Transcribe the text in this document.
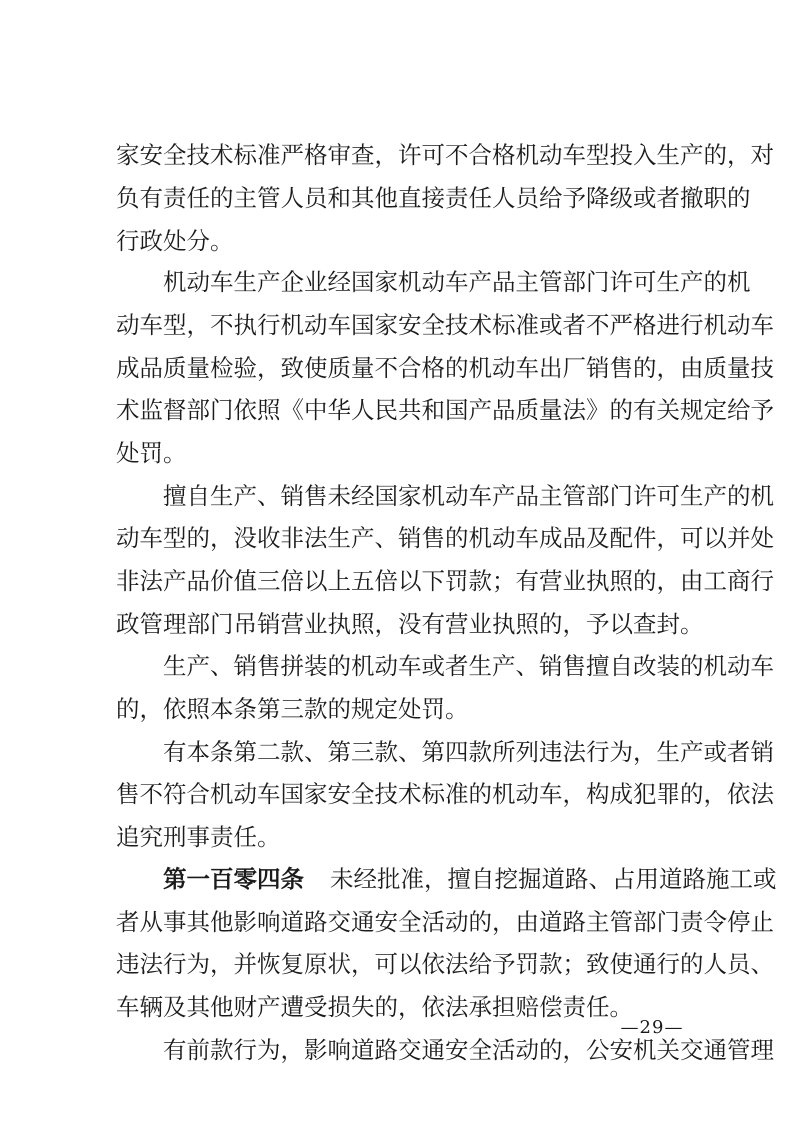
家安全技术标准严格审查，许可不合格机动车型投入生产的，对
负有责任的主管人员和其他直接责任人员给予降级或者撤职的
行政处分。
机动车生产企业经国家机动车产品主管部门许可生产的机
动车型，不执行机动车国家安全技术标准或者不严格进行机动车
成品质量检验，致使质量不合格的机动车出厂销售的，由质量技
术监督部门依照《中华人民共和国产品质量法》的有关规定给予
处罚。
擅自生产、销售未经国家机动车产品主管部门许可生产的机
动车型的，没收非法生产、销售的机动车成品及配件，可以并处
非法产品价值三倍以上五倍以下罚款；有营业执照的，由工商行
政管理部门吊销营业执照，没有营业执照的，予以查封。
生产、销售拼装的机动车或者生产、销售擅自改装的机动车
的，依照本条第三款的规定处罚。
有本条第二款、第三款、第四款所列违法行为，生产或者销
售不符合机动车国家安全技术标准的机动车，构成犯罪的，依法
追究刑事责任。
第一百零四条 未经批准，擅自挖掘道路、占用道路施工或
者从事其他影响道路交通安全活动的，由道路主管部门责令停止
违法行为，并恢复原状，可以依法给予罚款；致使通行的人员、
车辆及其他财产遭受损失的，依法承担赔偿责任。
有前款行为，影响道路交通安全活动的，公安机关交通管理
—29—
